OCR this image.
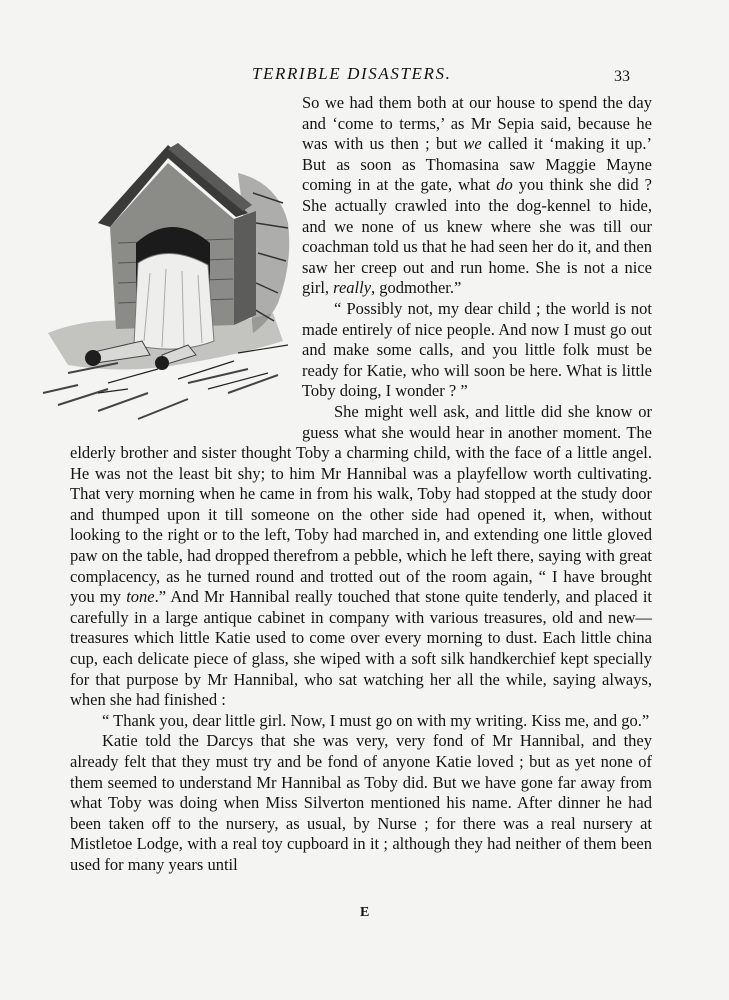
TERRIBLE DISASTERS.	33

So we had them both at our house to spend the day and ‘come to terms,’ as Mr Sepia said, because he was with us then ; but we called it ‘making it up.’ But as soon as Thomasina saw Maggie Mayne coming in at the gate, what do you think she did ? She actually crawled into the dog-kennel to hide, and we none of us knew where she was till our coachman told us that he had seen her do it, and then saw her creep out and run home. She is not a nice girl, really, godmother.”

“ Possibly not, my dear child ; the world is not made entirely of nice people. And now I must go out and make some calls, and you little folk must be ready for Katie, who will soon be here. What is little Toby doing, I wonder ? ”

She might well ask, and little did she know or guess what she would hear in another moment. The elderly brother and sister thought Toby a charming child, with the face of a little angel. He was not the least bit shy; to him Mr Hannibal was a playfellow worth cultivating. That very morning when he came in from his walk, Toby had stopped at the study door and thumped upon it till someone on the other side had opened it, when, without looking to the right or to the left, Toby had marched in, and extending one little gloved paw on the table, had dropped therefrom a pebble, which he left there, saying with great complacency, as he turned round and trotted out of the room again, “ I have brought you my tone.” And Mr Hannibal really touched that stone quite tenderly, and placed it carefully in a large antique cabinet in company with various treasures, old and new—treasures which little Katie used to come over every morning to dust. Each little china cup, each delicate piece of glass, she wiped with a soft silk handkerchief kept specially for that purpose by Mr Hannibal, who sat watching her all the while, saying always, when she had finished :

“ Thank you, dear little girl. Now, I must go on with my writing. Kiss me, and go.”

Katie told the Darcys that she was very, very fond of Mr Hannibal, and they already felt that they must try and be fond of anyone Katie loved ; but as yet none of them seemed to understand Mr Hannibal as Toby did. But we have gone far away from what Toby was doing when Miss Silverton mentioned his name. After dinner he had been taken off to the nursery, as usual, by Nurse ; for there was a real nursery at Mistletoe Lodge, with a real toy cupboard in it ; although they had neither of them been used for many years until

E
